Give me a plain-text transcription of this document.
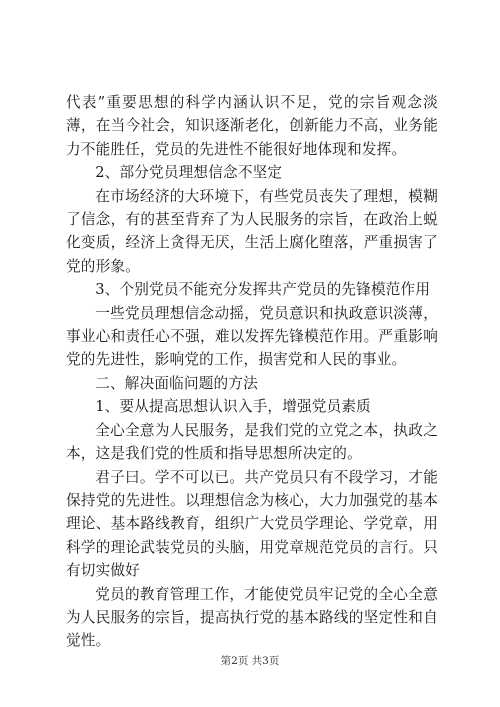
代表”重要思想的科学内涵认识不足，党的宗旨观念淡薄，在当今社会，知识逐渐老化，创新能力不高，业务能力不能胜任，党员的先进性不能很好地体现和发挥。

2、部分党员理想信念不坚定

在市场经济的大环境下，有些党员丧失了理想，模糊了信念，有的甚至背弃了为人民服务的宗旨，在政治上蜕化变质，经济上贪得无厌，生活上腐化堕落，严重损害了党的形象。

3、个别党员不能充分发挥共产党员的先锋模范作用

一些党员理想信念动摇，党员意识和执政意识淡薄，事业心和责任心不强，难以发挥先锋模范作用。严重影响党的先进性，影响党的工作，损害党和人民的事业。

二、解决面临问题的方法

1、要从提高思想认识入手，增强党员素质

全心全意为人民服务，是我们党的立党之本，执政之本，这是我们党的性质和指导思想所决定的。

君子曰。学不可以已。共产党员只有不段学习，才能保持党的先进性。以理想信念为核心，大力加强党的基本理论、基本路线教育，组织广大党员学理论、学党章，用科学的理论武装党员的头脑，用党章规范党员的言行。只有切实做好

党员的教育管理工作，才能使党员牢记党的全心全意为人民服务的宗旨，提高执行党的基本路线的坚定性和自觉性。

第2页 共3页
